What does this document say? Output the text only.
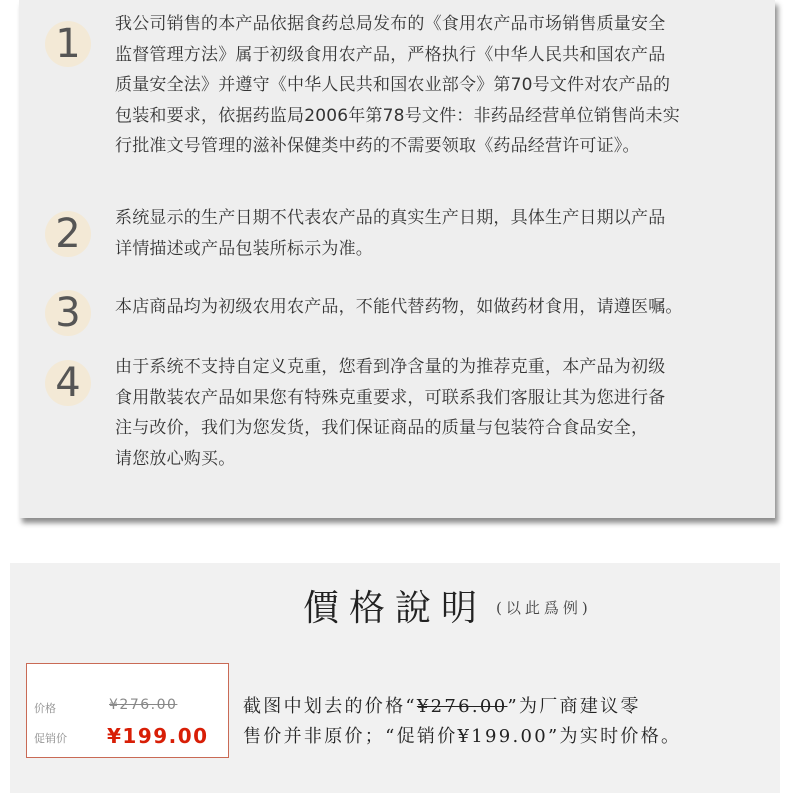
1	我公司销售的本产品依据食药总局发布的《食用农产品市场销售质量安全
监督管理方法》属于初级食用农产品，严格执行《中华人民共和国农产品
质量安全法》并遵守《中华人民共和国农业部令》第70号文件对农产品的
包装和要求，依据药监局2006年第78号文件：非药品经营单位销售尚未实
行批准文号管理的滋补保健类中药的不需要领取《药品经营许可证》。
2	系统显示的生产日期不代表农产品的真实生产日期，具体生产日期以产品
详情描述或产品包装所标示为准。
3	本店商品均为初级农用农产品，不能代替药物，如做药材食用，请遵医嘱。
4	由于系统不支持自定义克重，您看到净含量的为推荐克重，本产品为初级
食用散装农产品如果您有特殊克重要求，可联系我们客服让其为您进行备
注与改价，我们为您发货，我们保证商品的质量与包装符合食品安全，
请您放心购买。
價格說明 (以此爲例)
价格	¥276.00
促销价 ¥199.00
截图中划去的价格“¥276.00”为厂商建议零
售价并非原价；“促销价¥199.00”为实时价格。
